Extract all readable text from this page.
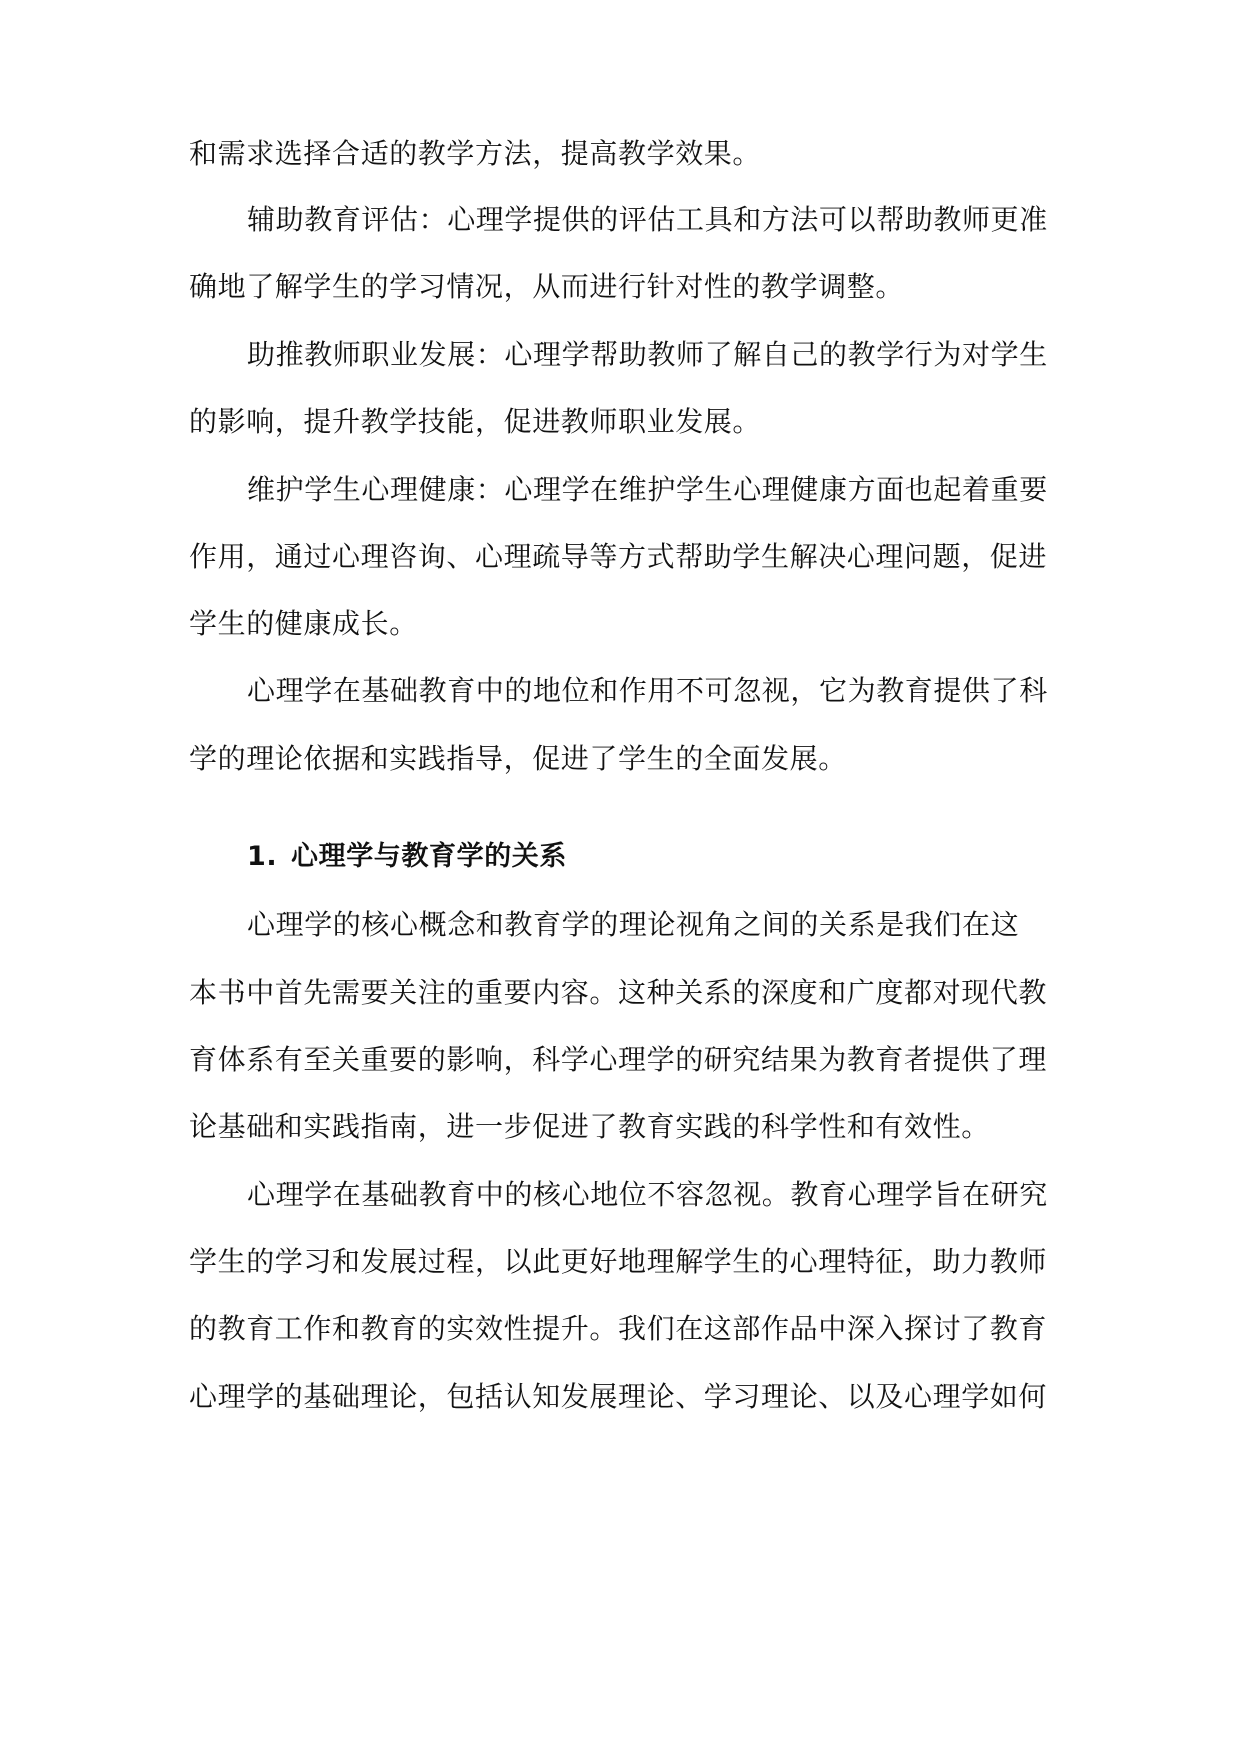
和需求选择合适的教学方法，提高教学效果。
辅助教育评估：心理学提供的评估工具和方法可以帮助教师更准
确地了解学生的学习情况，从而进行针对性的教学调整。
助推教师职业发展：心理学帮助教师了解自己的教学行为对学生
的影响，提升教学技能，促进教师职业发展。
维护学生心理健康：心理学在维护学生心理健康方面也起着重要
作用，通过心理咨询、心理疏导等方式帮助学生解决心理问题，促进
学生的健康成长。
心理学在基础教育中的地位和作用不可忽视，它为教育提供了科
学的理论依据和实践指导，促进了学生的全面发展。
1. 心理学与教育学的关系
心理学的核心概念和教育学的理论视角之间的关系是我们在这
本书中首先需要关注的重要内容。这种关系的深度和广度都对现代教
育体系有至关重要的影响，科学心理学的研究结果为教育者提供了理
论基础和实践指南，进一步促进了教育实践的科学性和有效性。
心理学在基础教育中的核心地位不容忽视。教育心理学旨在研究
学生的学习和发展过程，以此更好地理解学生的心理特征，助力教师
的教育工作和教育的实效性提升。我们在这部作品中深入探讨了教育
心理学的基础理论，包括认知发展理论、学习理论、以及心理学如何
